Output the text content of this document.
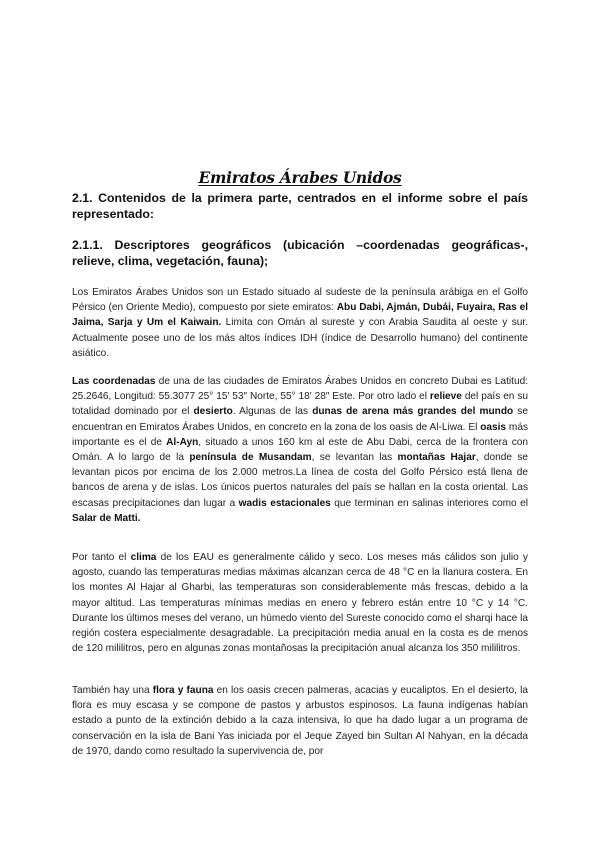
Emiratos Árabes Unidos
2.1. Contenidos de la primera parte, centrados en el informe sobre el país representado:
2.1.1. Descriptores geográficos (ubicación –coordenadas geográficas-, relieve, clima, vegetación, fauna);

Los Emiratos Árabes Unidos son un Estado situado al sudeste de la península arábiga en el Golfo Pérsico (en Oriente Medio), compuesto por siete emiratos: Abu Dabi, Ajmán, Dubái, Fuyaira, Ras el Jaima, Sarja y Um el Kaiwain. Limita con Omán al sureste y con Arabia Saudita al oeste y sur. Actualmente posee uno de los más altos índices IDH (índice de Desarrollo humano) del continente asiático.

Las coordenadas de una de las ciudades de Emiratos Árabes Unidos en concreto Dubai es Latitud: 25.2646, Longitud: 55.3077 25° 15′ 53″ Norte, 55° 18′ 28″ Este. Por otro lado el relieve del país en su totalidad dominado por el desierto. Algunas de las dunas de arena más grandes del mundo se encuentran en Emiratos Árabes Unidos, en concreto en la zona de los oasis de Al-Liwa. El oasis más importante es el de Al-Ayn, situado a unos 160 km al este de Abu Dabi, cerca de la frontera con Omán. A lo largo de la península de Musandam, se levantan las montañas Hajar, donde se levantan picos por encima de los 2.000 metros.La línea de costa del Golfo Pérsico está llena de bancos de arena y de islas. Los únicos puertos naturales del país se hallan en la costa oriental. Las escasas precipitaciones dan lugar a wadis estacionales que terminan en salinas interiores como el Salar de Matti.

Por tanto el clima de los EAU es generalmente cálido y seco. Los meses más cálidos son julio y agosto, cuando las temperaturas medias máximas alcanzan cerca de 48 °C en la llanura costera. En los montes Al Hajar al Gharbi, las temperaturas son considerablemente más frescas, debido a la mayor altitud. Las temperaturas mínimas medias en enero y febrero están entre 10 °C y 14 °C. Durante los últimos meses del verano, un húmedo viento del Sureste conocido como el sharqi hace la región costera especialmente desagradable. La precipitación media anual en la costa es de menos de 120 mililitros, pero en algunas zonas montañosas la precipitación anual alcanza los 350 mililitros.

También hay una flora y fauna en los oasis crecen palmeras, acacias y eucaliptos. En el desierto, la flora es muy escasa y se compone de pastos y arbustos espinosos. La fauna indígenas habían estado a punto de la extinción debido a la caza intensiva, lo que ha dado lugar a un programa de conservación en la isla de Bani Yas iniciada por el Jeque Zayed bin Sultan Al Nahyan, en la década de 1970, dando como resultado la supervivencia de, por
